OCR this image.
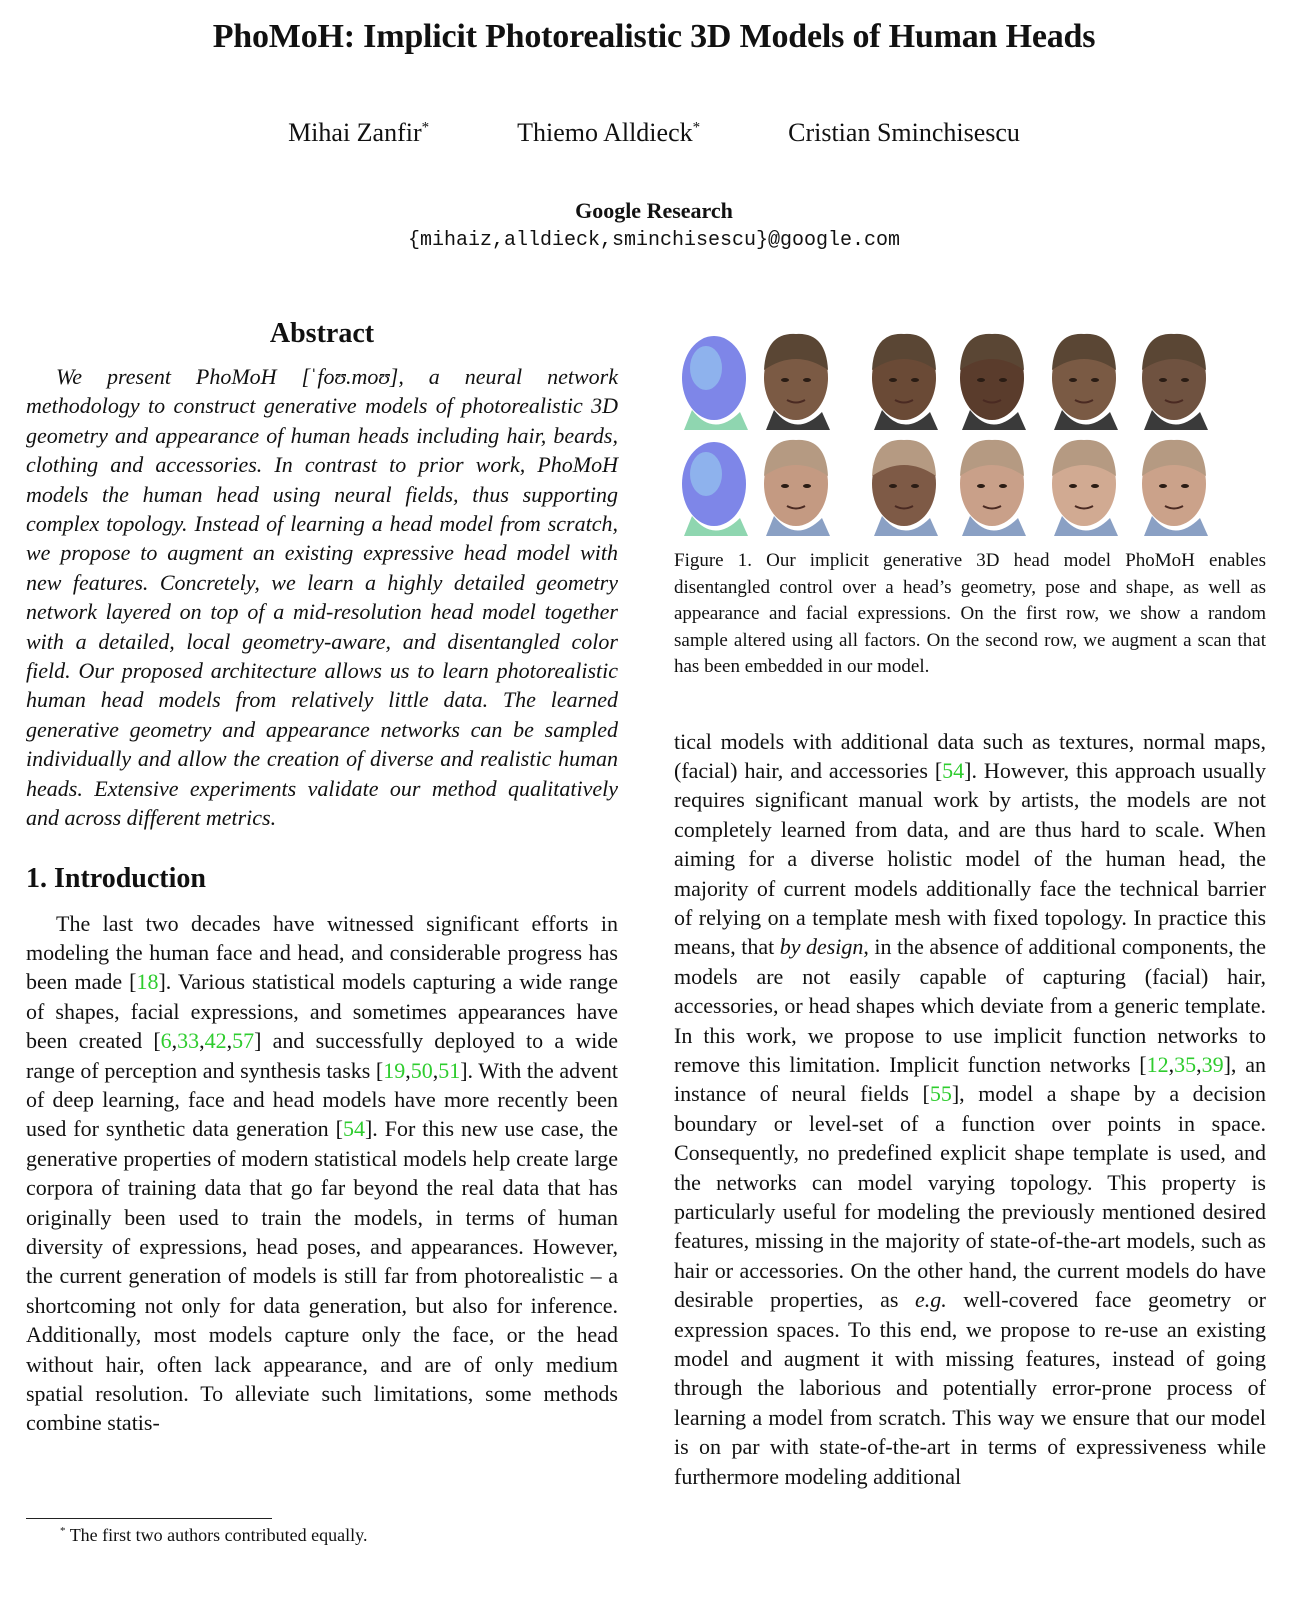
PhoMoH: Implicit Photorealistic 3D Models of Human Heads
Mihai Zanfir*	Thiemo Alldieck*	Cristian Sminchisescu
Google Research
{mihaiz,alldieck,sminchisescu}@google.com
Abstract

We present PhoMoH [ˈfoʊ.moʊ], a neural network methodology to construct generative models of photorealistic 3D geometry and appearance of human heads including hair, beards, clothing and accessories. In contrast to prior work, PhoMoH models the human head using neural fields, thus supporting complex topology. Instead of learning a head model from scratch, we propose to augment an existing expressive head model with new features. Concretely, we learn a highly detailed geometry network layered on top of a mid-resolution head model together with a detailed, local geometry-aware, and disentangled color field. Our proposed architecture allows us to learn photorealistic human head models from relatively little data. The learned generative geometry and appearance networks can be sampled individually and allow the creation of diverse and realistic human heads. Extensive experiments validate our method qualitatively and across different metrics.

1. Introduction

The last two decades have witnessed significant efforts in modeling the human face and head, and considerable progress has been made [18]. Various statistical models capturing a wide range of shapes, facial expressions, and sometimes appearances have been created [6,33,42,57] and successfully deployed to a wide range of perception and synthesis tasks [19,50,51]. With the advent of deep learning, face and head models have more recently been used for synthetic data generation [54]. For this new use case, the generative properties of modern statistical models help create large corpora of training data that go far beyond the real data that has originally been used to train the models, in terms of human diversity of expressions, head poses, and appearances. However, the current generation of models is still far from photorealistic – a shortcoming not only for data generation, but also for inference. Additionally, most models capture only the face, or the head without hair, often lack appearance, and are of only medium spatial resolution. To alleviate such limitations, some methods combine statis-

* The first two authors contributed equally.

Figure 1. Our implicit generative 3D head model PhoMoH enables disentangled control over a head’s geometry, pose and shape, as well as appearance and facial expressions. On the first row, we show a random sample altered using all factors. On the second row, we augment a scan that has been embedded in our model.

tical models with additional data such as textures, normal maps, (facial) hair, and accessories [54]. However, this approach usually requires significant manual work by artists, the models are not completely learned from data, and are thus hard to scale. When aiming for a diverse holistic model of the human head, the majority of current models additionally face the technical barrier of relying on a template mesh with fixed topology. In practice this means, that by design, in the absence of additional components, the models are not easily capable of capturing (facial) hair, accessories, or head shapes which deviate from a generic template. In this work, we propose to use implicit function networks to remove this limitation. Implicit function networks [12,35,39], an instance of neural fields [55], model a shape by a decision boundary or level-set of a function over points in space. Consequently, no predefined explicit shape template is used, and the networks can model varying topology. This property is particularly useful for modeling the previously mentioned desired features, missing in the majority of state-of-the-art models, such as hair or accessories. On the other hand, the current models do have desirable properties, as e.g. well-covered face geometry or expression spaces. To this end, we propose to re-use an existing model and augment it with missing features, instead of going through the laborious and potentially error-prone process of learning a model from scratch. This way we ensure that our model is on par with state-of-the-art in terms of expressiveness while furthermore modeling additional
